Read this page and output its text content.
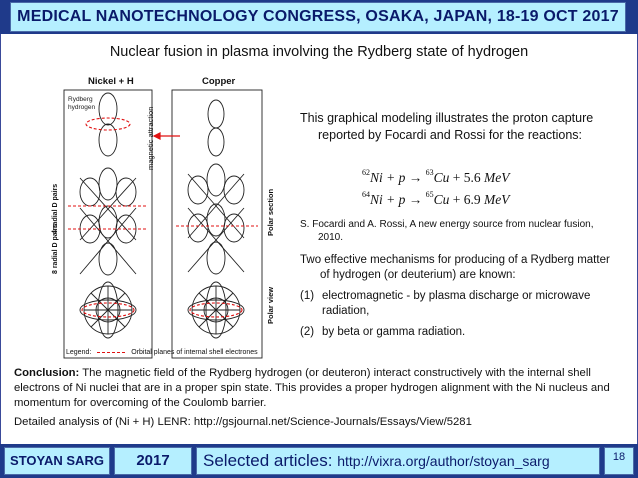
MEDICAL NANOTECHNOLOGY CONGRESS, OSAKA, JAPAN, 18-19 OCT 2017
Nuclear fusion in plasma involving the Rydberg state of hydrogen
Nickel + H	Copper
Rydberg
hydrogen	magnetic attraction
4 radial D pairs
8 radial D pairs
Polar section
Polar view
Legend:	Orbital planes of internal shell electrones

This graphical modeling illustrates the proton capture reported by Focardi and Rossi for the reactions:

$^{62}$Ni + p → $^{63}$Cu + 5.6 MeV
$^{64}$Ni + p → $^{65}$Cu + 6.9 MeV
S. Focardi and A. Rossi, A new energy source from nuclear fusion, 2010.

Two effective mechanisms for producing of a Rydberg matter of hydrogen (or deuterium) are known:

(1) electromagnetic - by plasma discharge or microwave radiation,
(2) by beta or gamma radiation.
Conclusion: The magnetic field of the Rydberg hydrogen (or deuteron) interact constructively with the internal shell electrons of Ni nuclei that are in a proper spin state. This provides a proper hydrogen alignment with the Ni nucleus and momentum for overcoming of the Coulomb barrier.
Detailed analysis of (Ni + H) LENR: http://gsjournal.net/Science-Journals/Essays/View/5281
STOYAN SARG	2017	Selected articles: http://vixra.org/author/stoyan_sarg	18
